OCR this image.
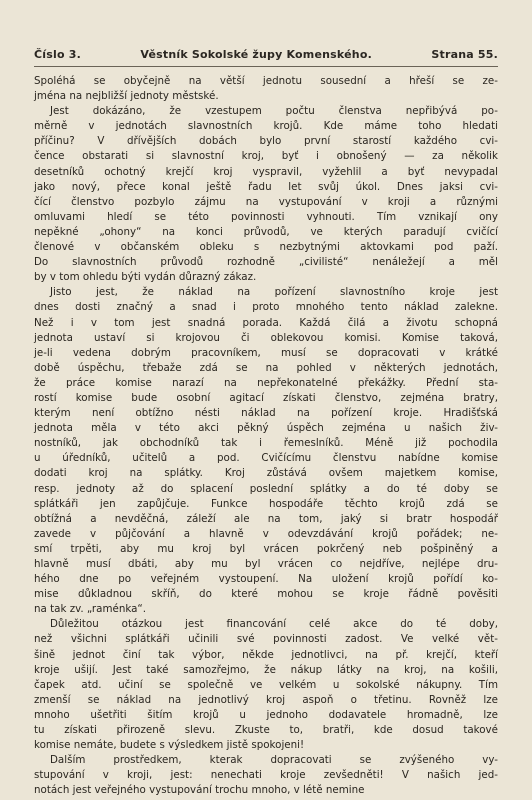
Číslo 3.	Věstník Sokolské župy Komenského.	Strana 55.
Spoléhá se obyčejně na větší jednotu sousední a hřeší se ze-
jména na nejbližší jednoty městské.
Jest dokázáno, že vzestupem počtu členstva nepřibývá po-
měrně v jednotách slavnostních krojů. Kde máme toho hledati
příčinu? V dřívějších dobách bylo první starostí každého cvi-
čence obstarati si slavnostní kroj, byť i obnošený — za několik
desetníků ochotný krejčí kroj vyspravil, vyžehlil a byť nevypadal
jako nový, přece konal ještě řadu let svůj úkol. Dnes jaksi cvi-
čící členstvo pozbylo zájmu na vystupování v kroji a různými
omluvami hledí se této povinnosti vyhnouti. Tím vznikají ony
nepěkné „ohony“ na konci průvodů, ve kterých paradují cvičící
členové v občanském obleku s nezbytnými aktovkami pod paží.
Do slavnostních průvodů rozhodně „civilisté“ nenáležejí a měl
by v tom ohledu býti vydán důrazný zákaz.
Jisto jest, že náklad na pořízení slavnostního kroje jest
dnes dosti značný a snad i proto mnohého tento náklad zalekne.
Než i v tom jest snadná porada. Každá čilá a životu schopná
jednota ustaví si krojovou či oblekovou komisi. Komise taková,
je-li vedena dobrým pracovníkem, musí se dopracovati v krátké
době úspěchu, třebaže zdá se na pohled v některých jednotách,
že práce komise narazí na nepřekonatelné překážky. Přední sta-
rostí komise bude osobní agitací získati členstvo, zejména bratry,
kterým není obtížno nésti náklad na pořízení kroje. Hradišťská
jednota měla v této akci pěkný úspěch zejména u našich živ-
nostníků, jak obchodníků tak i řemeslníků. Méně již pochodila
u úředníků, učitelů a pod. Cvičícímu členstvu nabídne komise
dodati kroj na splátky. Kroj zůstává ovšem majetkem komise,
resp. jednoty až do splacení poslední splátky a do té doby se
splátkáři jen zapůjčuje. Funkce hospodáře těchto krojů zdá se
obtížná a nevděčná, záleží ale na tom, jaký si bratr hospodář
zavede v půjčování a hlavně v odevzdávání krojů pořádek; ne-
smí trpěti, aby mu kroj byl vrácen pokrčený neb pošpiněný a
hlavně musí dbáti, aby mu byl vrácen co nejdříve, nejlépe dru-
hého dne po veřejném vystoupení. Na uložení krojů pořídí ko-
mise důkladnou skříň, do které mohou se kroje řádně pověsiti
na tak zv. „raménka“.
Důležitou otázkou jest financování celé akce do té doby,
než všichni splátkáři učinili své povinnosti zadost. Ve velké vět-
šině jednot činí tak výbor, někde jednotlivci, na př. krejčí, kteří
kroje ušijí. Jest také samozřejmo, že nákup látky na kroj, na košili,
čapek atd. učiní se společně ve velkém u sokolské nákupny. Tím
zmenší se náklad na jednotlivý kroj aspoň o třetinu. Rovněž lze
mnoho ušetřiti šitím krojů u jednoho dodavatele hromadně, lze
tu získati přirozeně slevu. Zkuste to, bratři, kde dosud takové
komise nemáte, budete s výsledkem jistě spokojeni!
Dalším prostředkem, kterak dopracovati se zvýšeného vy-
stupování v kroji, jest: nenechati kroje zevšedněti! V našich jed-
notách jest veřejného vystupování trochu mnoho, v létě nemine
